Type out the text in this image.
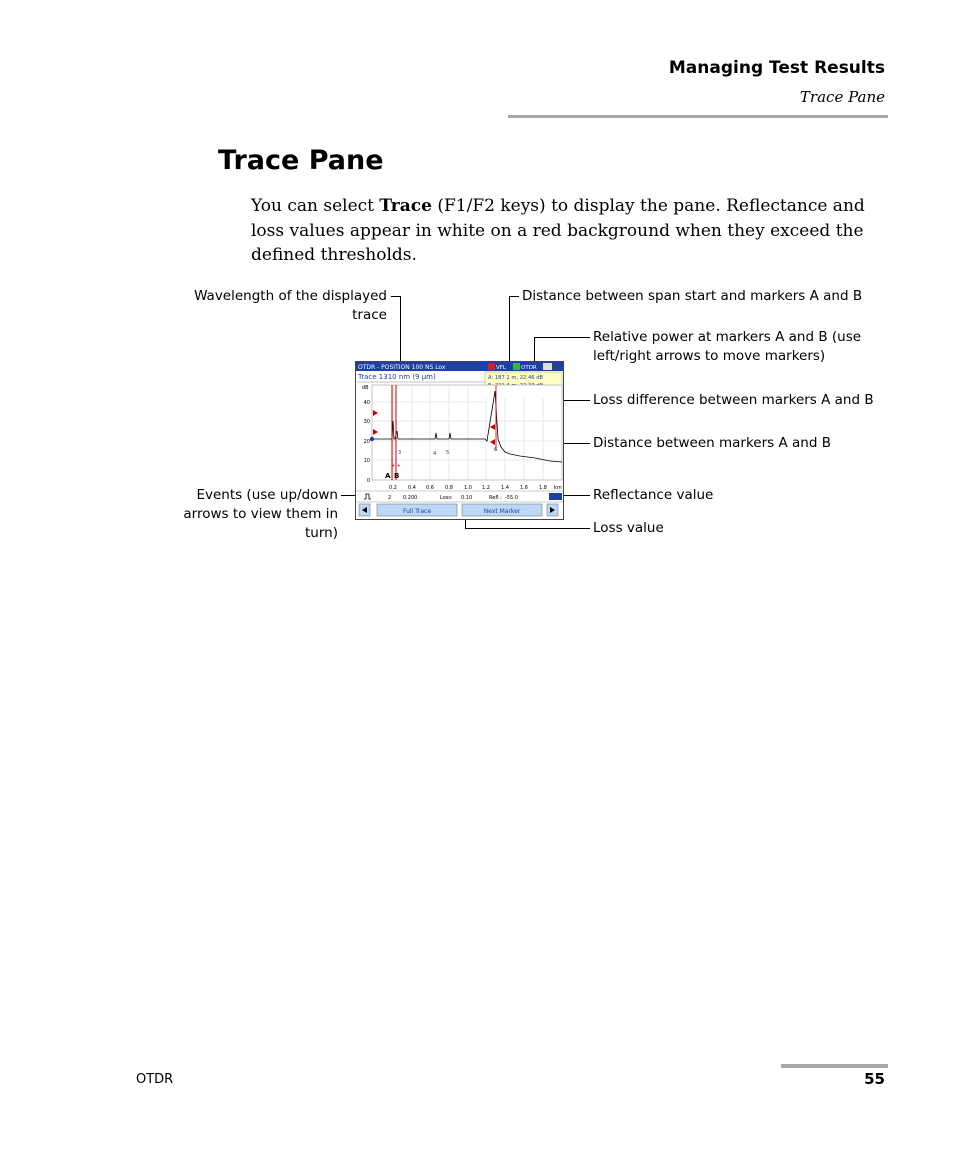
Managing Test Results
Trace Pane
Trace Pane
You can select Trace (F1/F2 keys) to display the pane. Reflectance and loss values appear in white on a red background when they exceed the defined thresholds.
Wavelength of the displayed trace
Distance between span start and markers A and B
Relative power at markers A and B (use left/right arrows to move markers)
Loss difference between markers A and B
Distance between markers A and B
Events (use up/down arrows to view them in turn)
Reflectance value
Loss value
OTDR - POSITION 100 NS Lox	VFL	OTDR
Trace 1310 nm (9 µm)	A: 187.1 m, 22.46 dB
dB
40
30
20
10
0
+I+
3	4 5	6
A B
0.2 0.4 0.6 0.8 1.0 1.2 1.4 1.6 1.8 km
2 0.200	Loss: 0.10	Refl.: -55.0
Full Trace	Next Marker
OTDR	55
